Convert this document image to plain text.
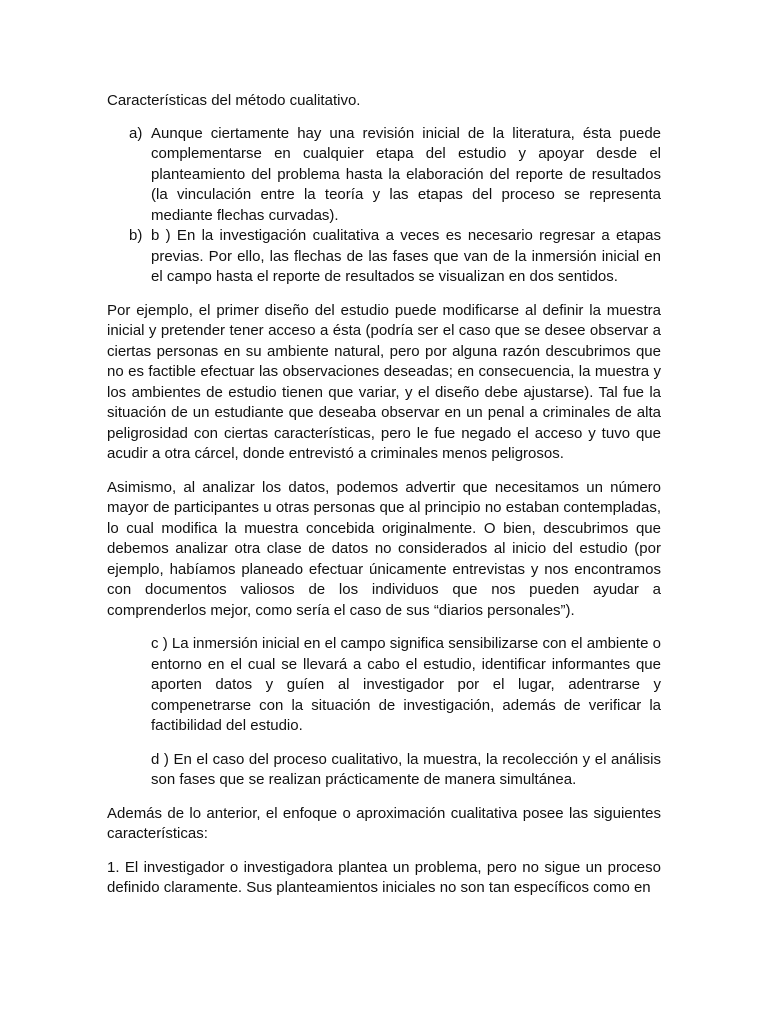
Características del método cualitativo.

a) Aunque ciertamente hay una revisión inicial de la literatura, ésta puede complementarse en cualquier etapa del estudio y apoyar desde el planteamiento del problema hasta la elaboración del reporte de resultados (la vinculación entre la teoría y las etapas del proceso se representa mediante flechas curvadas).
b) b ) En la investigación cualitativa a veces es necesario regresar a etapas previas. Por ello, las flechas de las fases que van de la inmersión inicial en el campo hasta el reporte de resultados se visualizan en dos sentidos.

Por ejemplo, el primer diseño del estudio puede modificarse al definir la muestra inicial y pretender tener acceso a ésta (podría ser el caso que se desee observar a ciertas personas en su ambiente natural, pero por alguna razón descubrimos que no es factible efectuar las observaciones deseadas; en consecuencia, la muestra y los ambientes de estudio tienen que variar, y el diseño debe ajustarse). Tal fue la situación de un estudiante que deseaba observar en un penal a criminales de alta peligrosidad con ciertas características, pero le fue negado el acceso y tuvo que acudir a otra cárcel, donde entrevistó a criminales menos peligrosos.

Asimismo, al analizar los datos, podemos advertir que necesitamos un número mayor de participantes u otras personas que al principio no estaban contempladas, lo cual modifica la muestra concebida originalmente. O bien, descubrimos que debemos analizar otra clase de datos no considerados al inicio del estudio (por ejemplo, habíamos planeado efectuar únicamente entrevistas y nos encontramos con documentos valiosos de los individuos que nos pueden ayudar a comprenderlos mejor, como sería el caso de sus “diarios personales”).

c ) La inmersión inicial en el campo significa sensibilizarse con el ambiente o entorno en el cual se llevará a cabo el estudio, identificar informantes que aporten datos y guíen al investigador por el lugar, adentrarse y compenetrarse con la situación de investigación, además de verificar la factibilidad del estudio.

d ) En el caso del proceso cualitativo, la muestra, la recolección y el análisis son fases que se realizan prácticamente de manera simultánea.

Además de lo anterior, el enfoque o aproximación cualitativa posee las siguientes características:

1. El investigador o investigadora plantea un problema, pero no sigue un proceso definido claramente. Sus planteamientos iniciales no son tan específicos como en
